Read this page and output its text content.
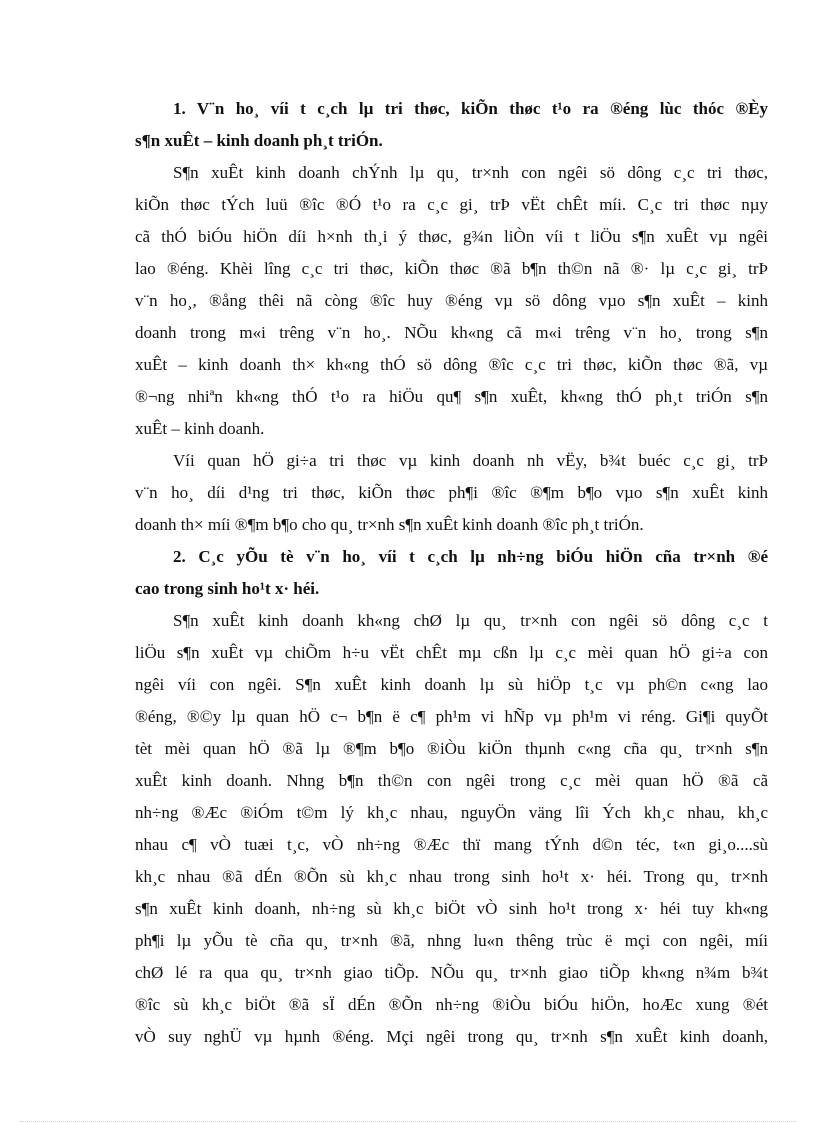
1. V¨n ho¸ víi t c¸ch lµ tri thøc, kiÕn thøc t¹o ra ®éng lùc thóc ®Èy
s¶n xuÊt – kinh doanh ph¸t triÓn.
S¶n xuÊt kinh doanh chÝnh lµ qu¸ tr×nh con ngêi sö dông c¸c tri thøc,
kiÕn thøc tÝch luü ®îc ®Ó t¹o ra c¸c gi¸ trÞ vËt chÊt míi. C¸c tri thøc nµy
cã thÓ biÓu hiÖn díi h×nh th¸i ý thøc, g¾n liÒn víi t liÖu s¶n xuÊt vµ ngêi
lao ®éng. Khèi lîng c¸c tri thøc, kiÕn thøc ®ã b¶n th©n nã ®· lµ c¸c gi¸ trÞ
v¨n ho¸, ®ång thêi nã còng ®îc huy ®éng vµ sö dông vµo s¶n xuÊt – kinh
doanh trong m«i trêng v¨n ho¸. NÕu kh«ng cã m«i trêng v¨n ho¸ trong s¶n
xuÊt – kinh doanh th× kh«ng thÓ sö dông ®îc c¸c tri thøc, kiÕn thøc ®ã, vµ
®¬ng nhiªn kh«ng thÓ t¹o ra hiÖu qu¶ s¶n xuÊt, kh«ng thÓ ph¸t triÓn s¶n
xuÊt – kinh doanh.
Víi quan hÖ gi÷a tri thøc vµ kinh doanh nh vËy, b¾t buéc c¸c gi¸ trÞ
v¨n ho¸ díi d¹ng tri thøc, kiÕn thøc ph¶i ®îc ®¶m b¶o vµo s¶n xuÊt kinh
doanh th× míi ®¶m b¶o cho qu¸ tr×nh s¶n xuÊt kinh doanh ®îc ph¸t triÓn.
2. C¸c yÕu tè v¨n ho¸ víi t c¸ch lµ nh÷ng biÓu hiÖn cña tr×nh ®é
cao trong sinh ho¹t x· héi.
S¶n xuÊt kinh doanh kh«ng chØ lµ qu¸ tr×nh con ngêi sö dông c¸c t
liÖu s¶n xuÊt vµ chiÕm h÷u vËt chÊt mµ cßn lµ c¸c mèi quan hÖ gi÷a con
ngêi víi con ngêi. S¶n xuÊt kinh doanh lµ sù hiÖp t¸c vµ ph©n c«ng lao
®éng, ®©y lµ quan hÖ c¬ b¶n ë c¶ ph¹m vi hÑp vµ ph¹m vi réng. Gi¶i quyÕt
tèt mèi quan hÖ ®ã lµ ®¶m b¶o ®iÒu kiÖn thµnh c«ng cña qu¸ tr×nh s¶n
xuÊt kinh doanh. Nhng b¶n th©n con ngêi trong c¸c mèi quan hÖ ®ã cã
nh÷ng ®Æc ®iÓm t©m lý kh¸c nhau, nguyÖn väng lîi Ých kh¸c nhau, kh¸c
nhau c¶ vÒ tuæi t¸c, vÒ nh÷ng ®Æc thï mang tÝnh d©n téc, t«n gi¸o....sù
kh¸c nhau ®ã dÉn ®Õn sù kh¸c nhau trong sinh ho¹t x· héi. Trong qu¸ tr×nh
s¶n xuÊt kinh doanh, nh÷ng sù kh¸c biÖt vÒ sinh ho¹t trong x· héi tuy kh«ng
ph¶i lµ yÕu tè cña qu¸ tr×nh ®ã, nhng lu«n thêng trùc ë mçi con ngêi, míi
chØ lé ra qua qu¸ tr×nh giao tiÕp. NÕu qu¸ tr×nh giao tiÕp kh«ng n¾m b¾t
®îc sù kh¸c biÖt ®ã sÏ dÉn ®Õn nh÷ng ®iÒu biÓu hiÖn, hoÆc xung ®ét
vÒ suy nghÜ vµ hµnh ®éng. Mçi ngêi trong qu¸ tr×nh s¶n xuÊt kinh doanh,
